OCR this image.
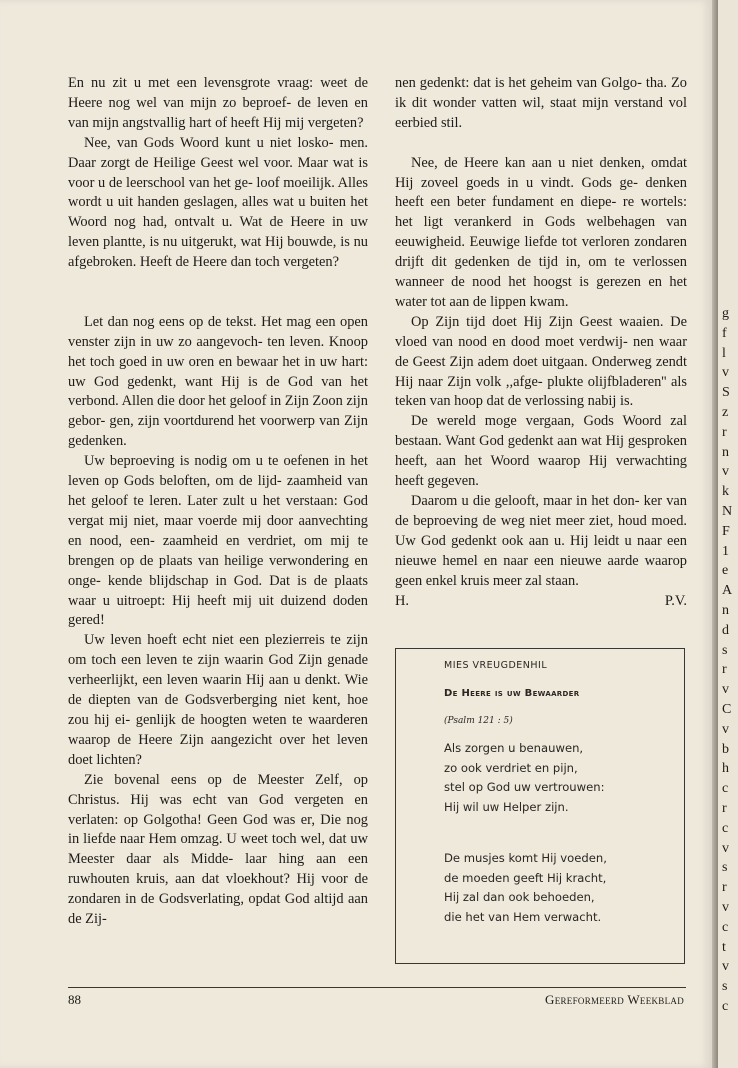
En nu zit u met een levensgrote vraag: weet de Heere nog wel van mijn zo beproef- de leven en van mijn angstvallig hart of heeft Hij mij vergeten?

Nee, van Gods Woord kunt u niet losko- men. Daar zorgt de Heilige Geest wel voor. Maar wat is voor u de leerschool van het ge- loof moeilijk. Alles wordt u uit handen geslagen, alles wat u buiten het Woord nog had, ontvalt u. Wat de Heere in uw leven plantte, is nu uitgerukt, wat Hij bouwde, is nu afgebroken. Heeft de Heere dan toch vergeten?

Let dan nog eens op de tekst. Het mag een open venster zijn in uw zo aangevoch- ten leven. Knoop het toch goed in uw oren en bewaar het in uw hart: uw God gedenkt, want Hij is de God van het verbond. Allen die door het geloof in Zijn Zoon zijn gebor- gen, zijn voortdurend het voorwerp van Zijn gedenken.

Uw beproeving is nodig om u te oefenen in het leven op Gods beloften, om de lijd- zaamheid van het geloof te leren. Later zult u het verstaan: God vergat mij niet, maar voerde mij door aanvechting en nood, een- zaamheid en verdriet, om mij te brengen op de plaats van heilige verwondering en onge- kende blijdschap in God. Dat is de plaats waar u uitroept: Hij heeft mij uit duizend doden gered!

Uw leven hoeft echt niet een plezierreis te zijn om toch een leven te zijn waarin God Zijn genade verheerlijkt, een leven waarin Hij aan u denkt. Wie de diepten van de Godsverberging niet kent, hoe zou hij ei- genlijk de hoogten weten te waarderen waarop de Heere Zijn aangezicht over het leven doet lichten?

Zie bovenal eens op de Meester Zelf, op Christus. Hij was echt van God vergeten en verlaten: op Golgotha! Geen God was er, Die nog in liefde naar Hem omzag. U weet toch wel, dat uw Meester daar als Midde- laar hing aan een ruwhouten kruis, aan dat vloekhout? Hij voor de zondaren in de Godsverlating, opdat God altijd aan de Zij-

nen gedenkt: dat is het geheim van Golgo- tha. Zo ik dit wonder vatten wil, staat mijn verstand vol eerbied stil.

Nee, de Heere kan aan u niet denken, omdat Hij zoveel goeds in u vindt. Gods ge- denken heeft een beter fundament en diepe- re wortels: het ligt verankerd in Gods welbehagen van eeuwigheid. Eeuwige liefde tot verloren zondaren drijft dit gedenken de tijd in, om te verlossen wanneer de nood het hoogst is gerezen en het water tot aan de lippen kwam.

Op Zijn tijd doet Hij Zijn Geest waaien. De vloed van nood en dood moet verdwij- nen waar de Geest Zijn adem doet uitgaan. Onderweg zendt Hij naar Zijn volk ,,afge- plukte olijfbladeren'' als teken van hoop dat de verlossing nabij is.

De wereld moge vergaan, Gods Woord zal bestaan. Want God gedenkt aan wat Hij gesproken heeft, aan het Woord waarop Hij verwachting heeft gegeven.

Daarom u die gelooft, maar in het don- ker van de beproeving de weg niet meer ziet, houd moed. Uw God gedenkt ook aan u. Hij leidt u naar een nieuwe hemel en naar een nieuwe aarde waarop geen enkel kruis meer zal staan.

H.	P.V.
MIES VREUGDENHIL
De Heere is uw Bewaarder
(Psalm 121 : 5)
Als zorgen u benauwen,
zo ook verdriet en pijn,
stel op God uw vertrouwen:
Hij wil uw Helper zijn.
De musjes komt Hij voeden,
de moeden geeft Hij kracht,
Hij zal dan ook behoeden,
die het van Hem verwacht.
88	Gereformeerd Weekblad
g
f
l
v
S
z
r
n
v
k
N
F
1
e
A
n
d
s
r
v
C
v
b
h
c
r
c
v
s
r
v
c
t
v
s
c
